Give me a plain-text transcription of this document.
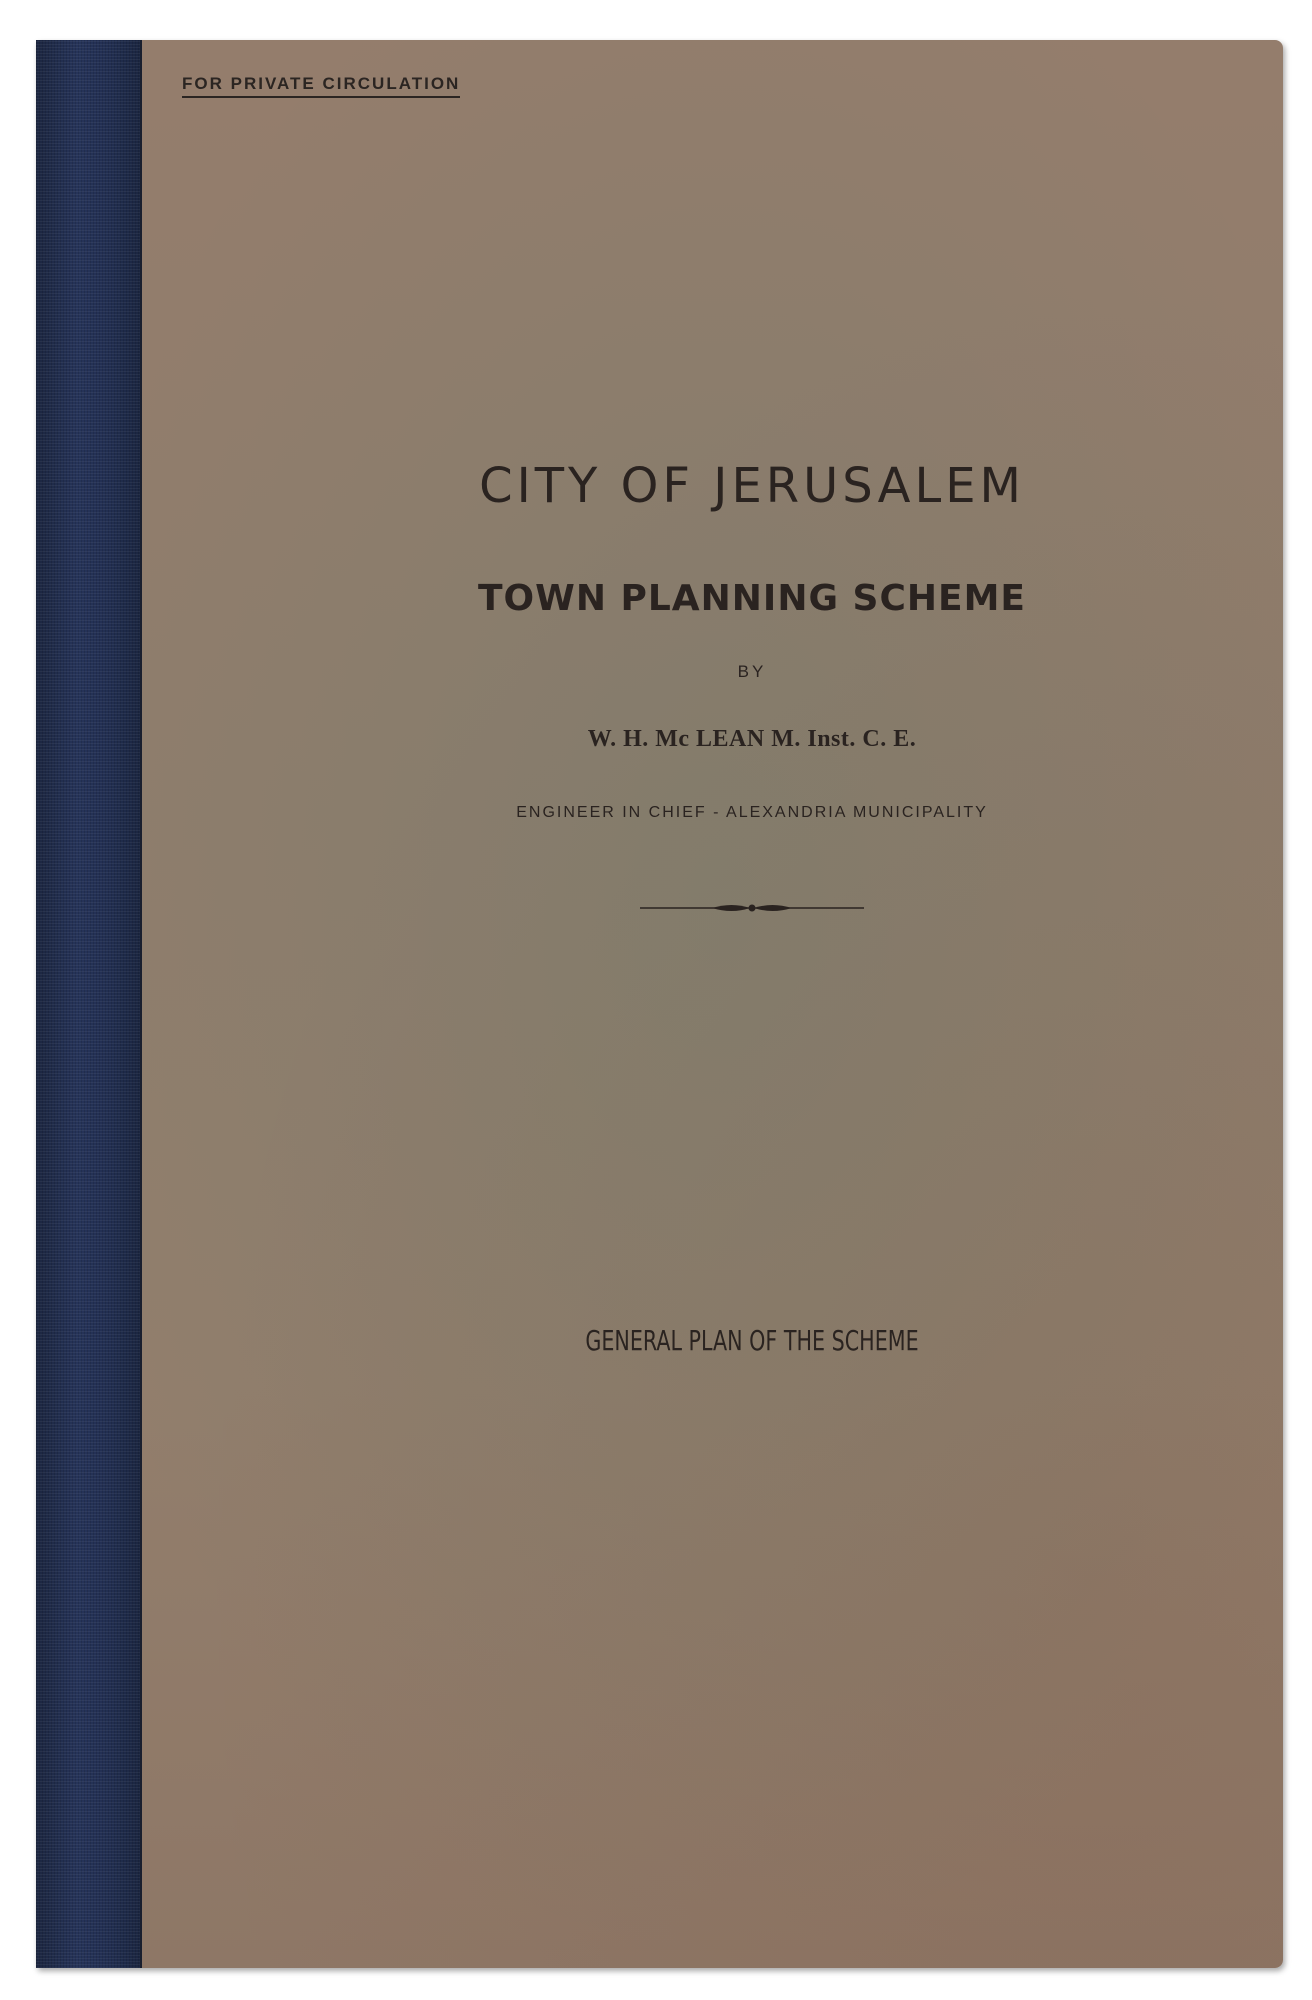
FOR PRIVATE CIRCULATION
CITY OF JERUSALEM
TOWN PLANNING SCHEME
BY
W. H. Mc LEAN M. Inst. C. E.
ENGINEER IN CHIEF - ALEXANDRIA MUNICIPALITY
GENERAL PLAN OF THE SCHEME
